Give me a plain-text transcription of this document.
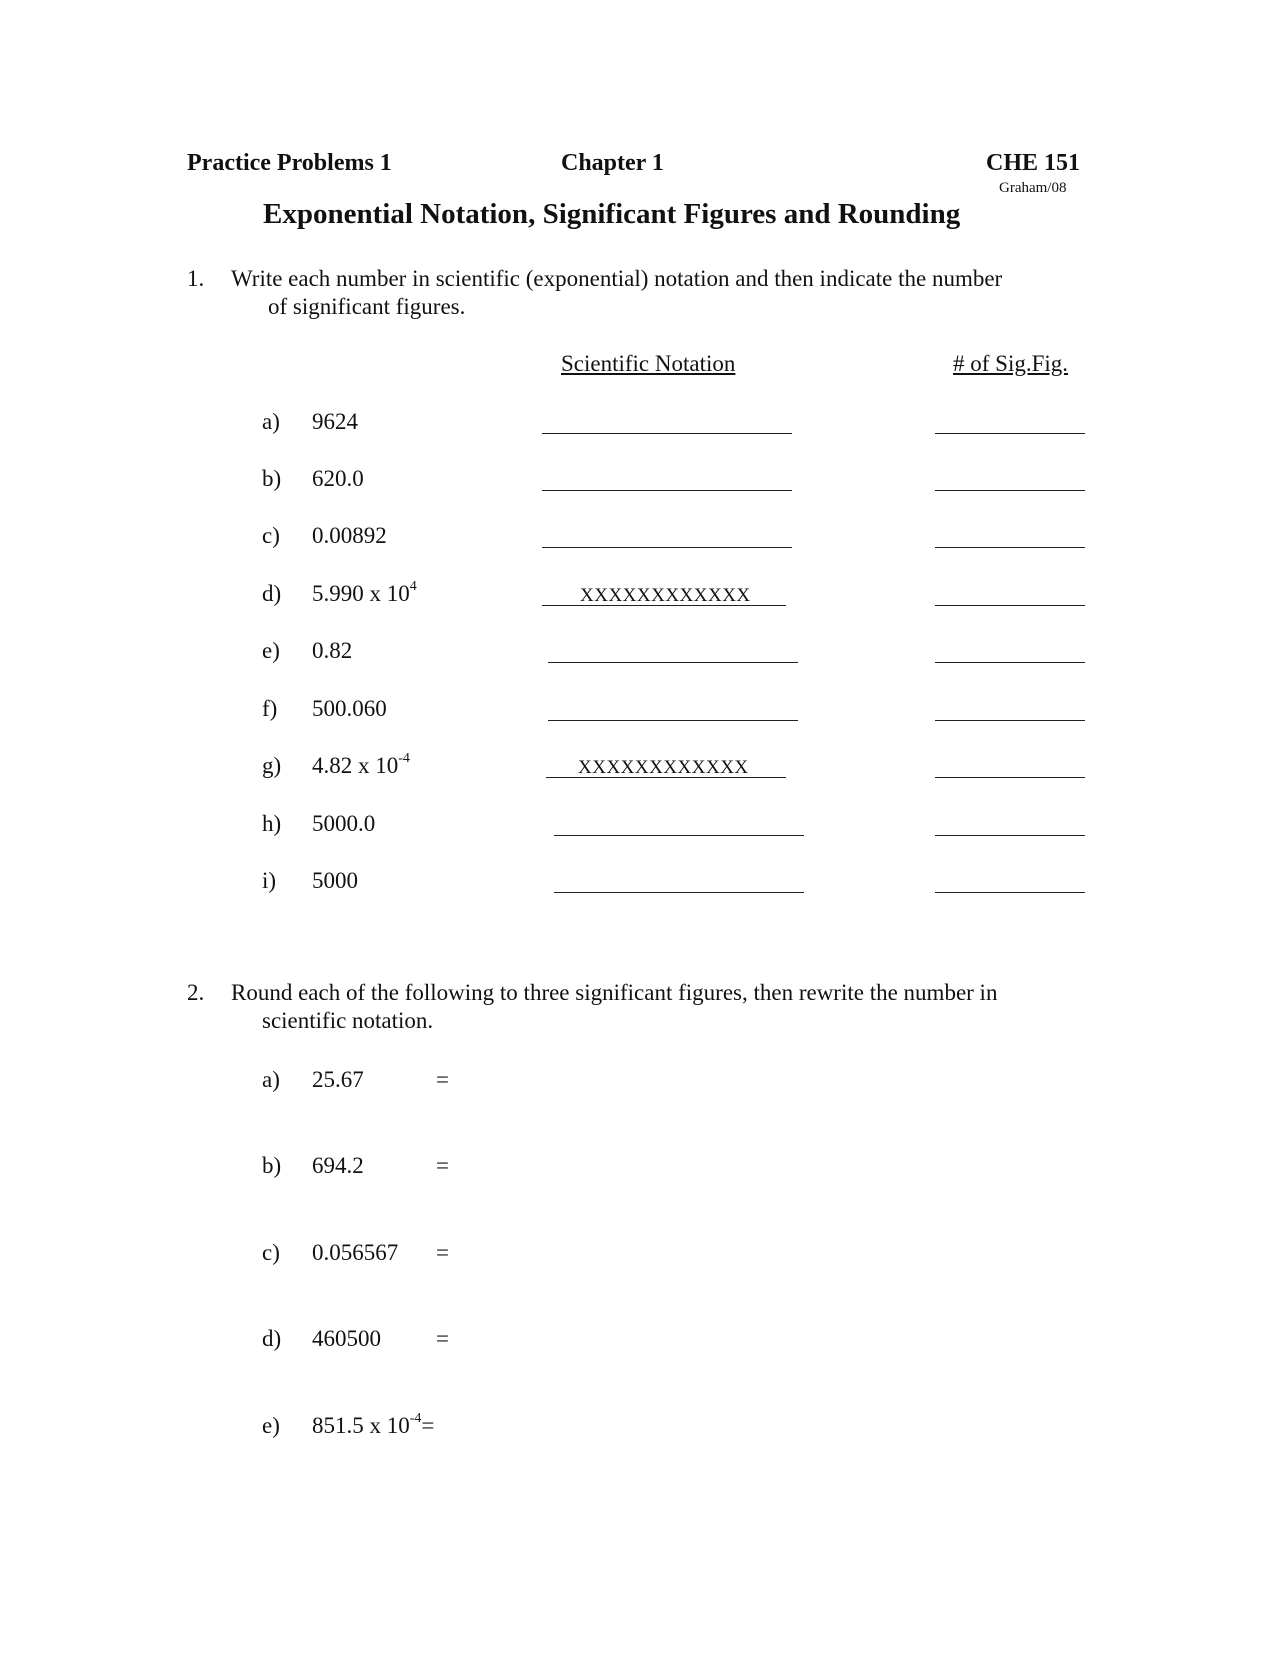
Practice Problems 1	Chapter 1	CHE 151
Graham/08
Exponential Notation, Significant Figures and Rounding
1. Write each number in scientific (exponential) notation and then indicate the number
of significant figures.
Scientific Notation	# of Sig.Fig.
a) 9624
b) 620.0
c) 0.00892
d) 5.990 x $10^4$	XXXXXXXXXXXX
e) 0.82
f) 500.060
g) 4.82 x $10^{-4}$	XXXXXXXXXXXX
h) 5000.0
i) 5000
2. Round each of the following to three significant figures, then rewrite the number in
scientific notation.
a) 25.67	=
b) 694.2	=
c) 0.056567 =
d) 460500 =
e) 851.5 x $10^{-4}=$
